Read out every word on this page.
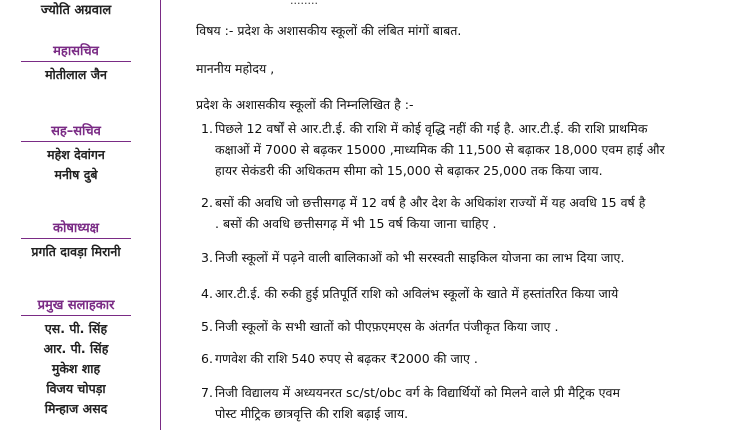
ज्योति अग्रवाल
महासचिव
मोतीलाल जैन
सह–सचिव
महेश देवांगन
मनीष दुबे
कोषाध्यक्ष
प्रगति दावड़ा मिरानी
प्रमुख सलाहकार
एस. पी. सिंह
आर. पी. सिंह
मुकेश शाह
विजय चोपड़ा
मिन्हाज असद
........
विषय :- प्रदेश के अशासकीय स्कूलों की लंबित मांगों बाबत.
माननीय महोदय ,
प्रदेश के अशासकीय स्कूलों की निम्नलिखित है :-
1. पिछले 12 वर्षों से आर.टी.ई. की राशि में कोई वृद्धि नहीं की गई है. आर.टी.ई. की राशि प्राथमिक
कक्षाओं में 7000 से बढ़कर 15000 ,माध्यमिक की 11,500 से बढ़ाकर 18,000 एवम हाई और
हायर सेकंडरी की अधिकतम सीमा को 15,000 से बढ़ाकर 25,000 तक किया जाय.
2. बसों की अवधि जो छत्तीसगढ़ में 12 वर्ष है और देश के अधिकांश राज्यों में यह अवधि 15 वर्ष है
. बसों की अवधि छत्तीसगढ़ में भी 15 वर्ष किया जाना चाहिए .
3. निजी स्कूलों में पढ़ने वाली बालिकाओं को भी सरस्वती साइकिल योजना का लाभ दिया जाए.
4. आर.टी.ई. की रुकी हुई प्रतिपूर्ति राशि को अविलंभ स्कूलों के खाते में हस्तांतरित किया जाये
5. निजी स्कूलों के सभी खातों को पीएफ़एमएस के अंतर्गत पंजीकृत किया जाए .
6. गणवेश की राशि 540 रुपए से बढ़कर ₹2000 की जाए .
7. निजी विद्यालय में अध्ययनरत sc/st/obc वर्ग के विद्यार्थियों को मिलने वाले प्री मैट्रिक एवम
पोस्ट मीट्रिक छात्रवृत्ति की राशि बढ़ाई जाय.
